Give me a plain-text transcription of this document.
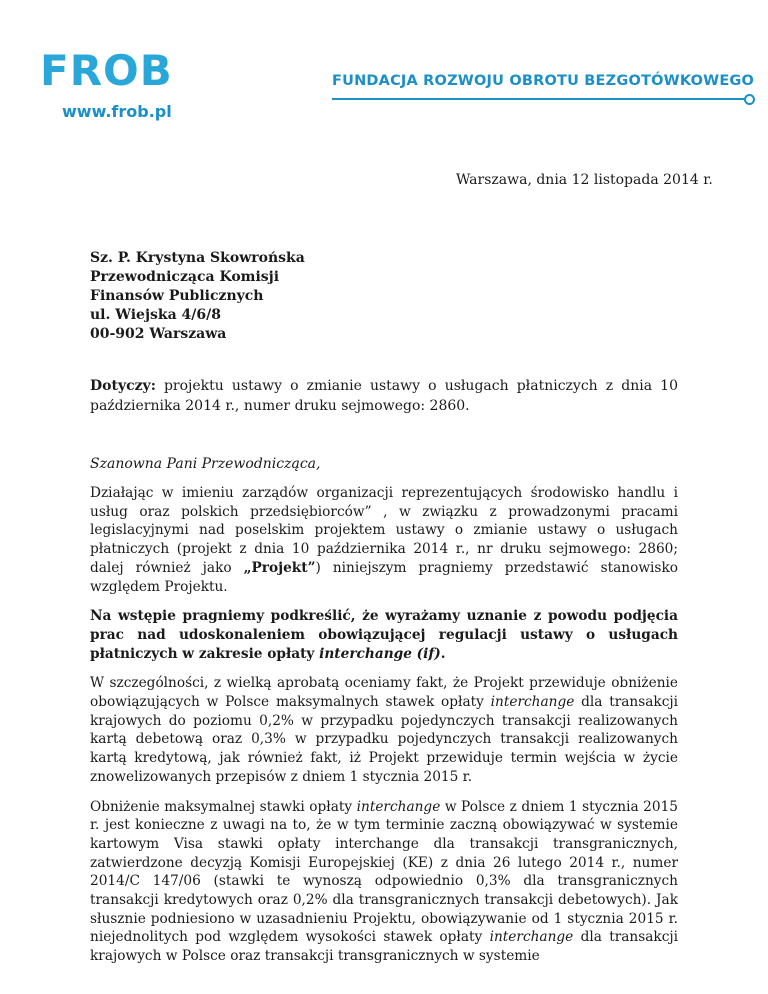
FROB
www.frob.pl
FUNDACJA ROZWOJU OBROTU BEZGOTÓWKOWEGO
Warszawa, dnia 12 listopada 2014 r.
Sz. P. Krystyna Skowrońska
Przewodnicząca Komisji
Finansów Publicznych
ul. Wiejska 4/6/8
00-902 Warszawa
Dotyczy: projektu ustawy o zmianie ustawy o usługach płatniczych z dnia 10 października 2014 r., numer druku sejmowego: 2860.
Szanowna Pani Przewodnicząca,

Działając w imieniu zarządów organizacji reprezentujących środowisko handlu i usług oraz polskich przedsiębiorców” , w związku z prowadzonymi pracami legislacyjnymi nad poselskim projektem ustawy o zmianie ustawy o usługach płatniczych (projekt z dnia 10 października 2014 r., nr druku sejmowego: 2860; dalej również jako „Projekt”) niniejszym pragniemy przedstawić stanowisko względem Projektu.

Na wstępie pragniemy podkreślić, że wyrażamy uznanie z powodu podjęcia prac nad udoskonaleniem obowiązującej regulacji ustawy o usługach płatniczych w zakresie opłaty interchange (if).

W szczególności, z wielką aprobatą oceniamy fakt, że Projekt przewiduje obniżenie obowiązujących w Polsce maksymalnych stawek opłaty interchange dla transakcji krajowych do poziomu 0,2% w przypadku pojedynczych transakcji realizowanych kartą debetową oraz 0,3% w przypadku pojedynczych transakcji realizowanych kartą kredytową, jak również fakt, iż Projekt przewiduje termin wejścia w życie znowelizowanych przepisów z dniem 1 stycznia 2015 r.

Obniżenie maksymalnej stawki opłaty interchange w Polsce z dniem 1 stycznia 2015 r. jest konieczne z uwagi na to, że w tym terminie zaczną obowiązywać w systemie kartowym Visa stawki opłaty interchange dla transakcji transgranicznych, zatwierdzone decyzją Komisji Europejskiej (KE) z dnia 26 lutego 2014 r., numer 2014/C 147/06 (stawki te wynoszą odpowiednio 0,3% dla transgranicznych transakcji kredytowych oraz 0,2% dla transgranicznych transakcji debetowych). Jak słusznie podniesiono w uzasadnieniu Projektu, obowiązywanie od 1 stycznia 2015 r. niejednolitych pod względem wysokości stawek opłaty interchange dla transakcji krajowych w Polsce oraz transakcji transgranicznych w systemie
